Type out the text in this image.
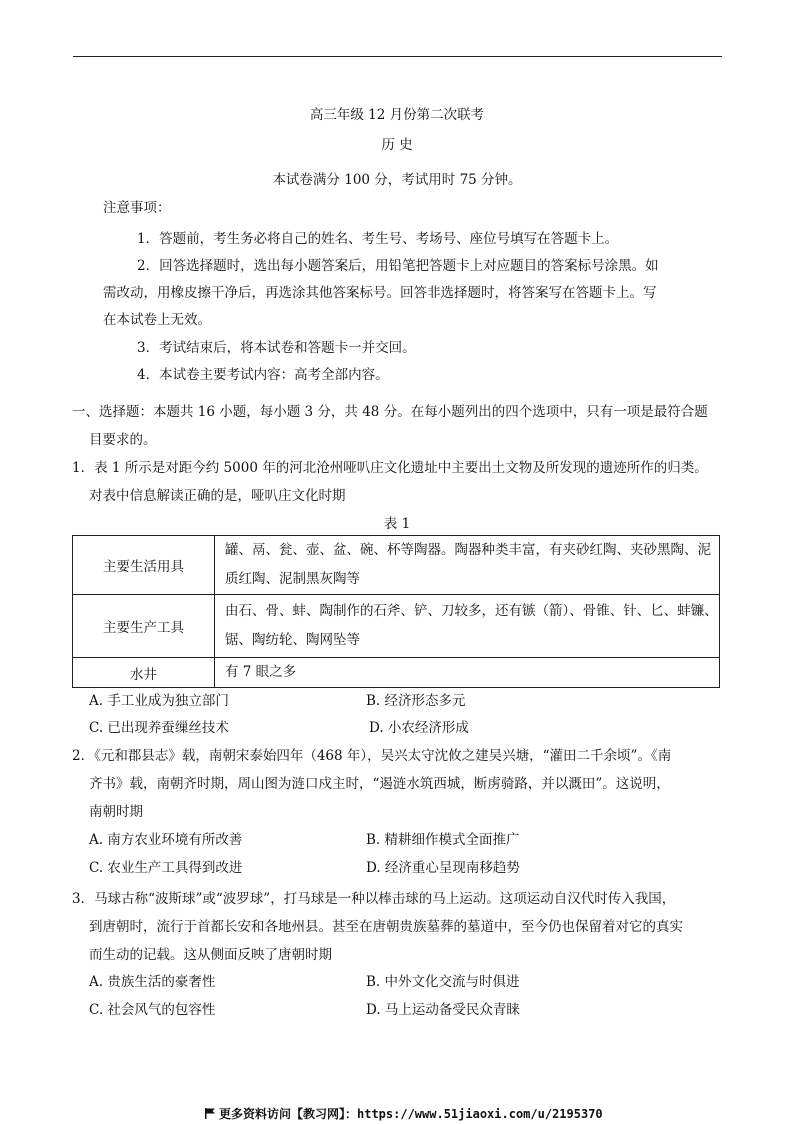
高三年级 12 月份第二次联考
历 史
本试卷满分 100 分，考试用时 75 分钟。
注意事项：
1．答题前，考生务必将自己的姓名、考生号、考场号、座位号填写在答题卡上。
2．回答选择题时，选出每小题答案后，用铅笔把答题卡上对应题目的答案标号涂黑。如
需改动，用橡皮擦干净后，再选涂其他答案标号。回答非选择题时，将答案写在答题卡上。写
在本试卷上无效。
3．考试结束后，将本试卷和答题卡一并交回。
4．本试卷主要考试内容：高考全部内容。
一、选择题：本题共 16 小题，每小题 3 分，共 48 分。在每小题列出的四个选项中，只有一项是最符合题
目要求的。
1．表 1 所示是对距今约 5000 年的河北沧州哑叭庄文化遗址中主要出土文物及所发现的遗迹所作的归类。
对表中信息解读正确的是，哑叭庄文化时期
表 1
主要生活用具	罐、鬲、瓮、壶、盆、碗、杯等陶器。陶器种类丰富，有夹砂红陶、夹砂黑陶、泥质红陶、泥制黑灰陶等
主要生产工具	由石、骨、蚌、陶制作的石斧、铲、刀较多，还有镞（箭）、骨锥、针、匕、蚌镰、锯、陶纺轮、陶网坠等
水井	有 7 眼之多
A. 手工业成为独立部门	B. 经济形态多元
C. 已出现养蚕缫丝技术	D. 小农经济形成
2．《元和郡县志》载，南朝宋泰始四年（468 年），吴兴太守沈攸之建吴兴塘，“灌田二千余顷”。《南
齐书》载，南朝齐时期，周山图为涟口戍主时，“遏涟水筑西城，断虏骑路，并以溉田”。这说明，
南朝时期
A. 南方农业环境有所改善	B. 精耕细作模式全面推广
C. 农业生产工具得到改进	D. 经济重心呈现南移趋势
3．马球古称“波斯球”或“波罗球”，打马球是一种以棒击球的马上运动。这项运动自汉代时传入我国，
到唐朝时，流行于首都长安和各地州县。甚至在唐朝贵族墓葬的墓道中，至今仍也保留着对它的真实
而生动的记载。这从侧面反映了唐朝时期
A. 贵族生活的豪奢性	B. 中外文化交流与时俱进
C. 社会风气的包容性	D. 马上运动备受民众青睐
更多资料访问【教习网】：https://www.51jiaoxi.com/u/2195370
